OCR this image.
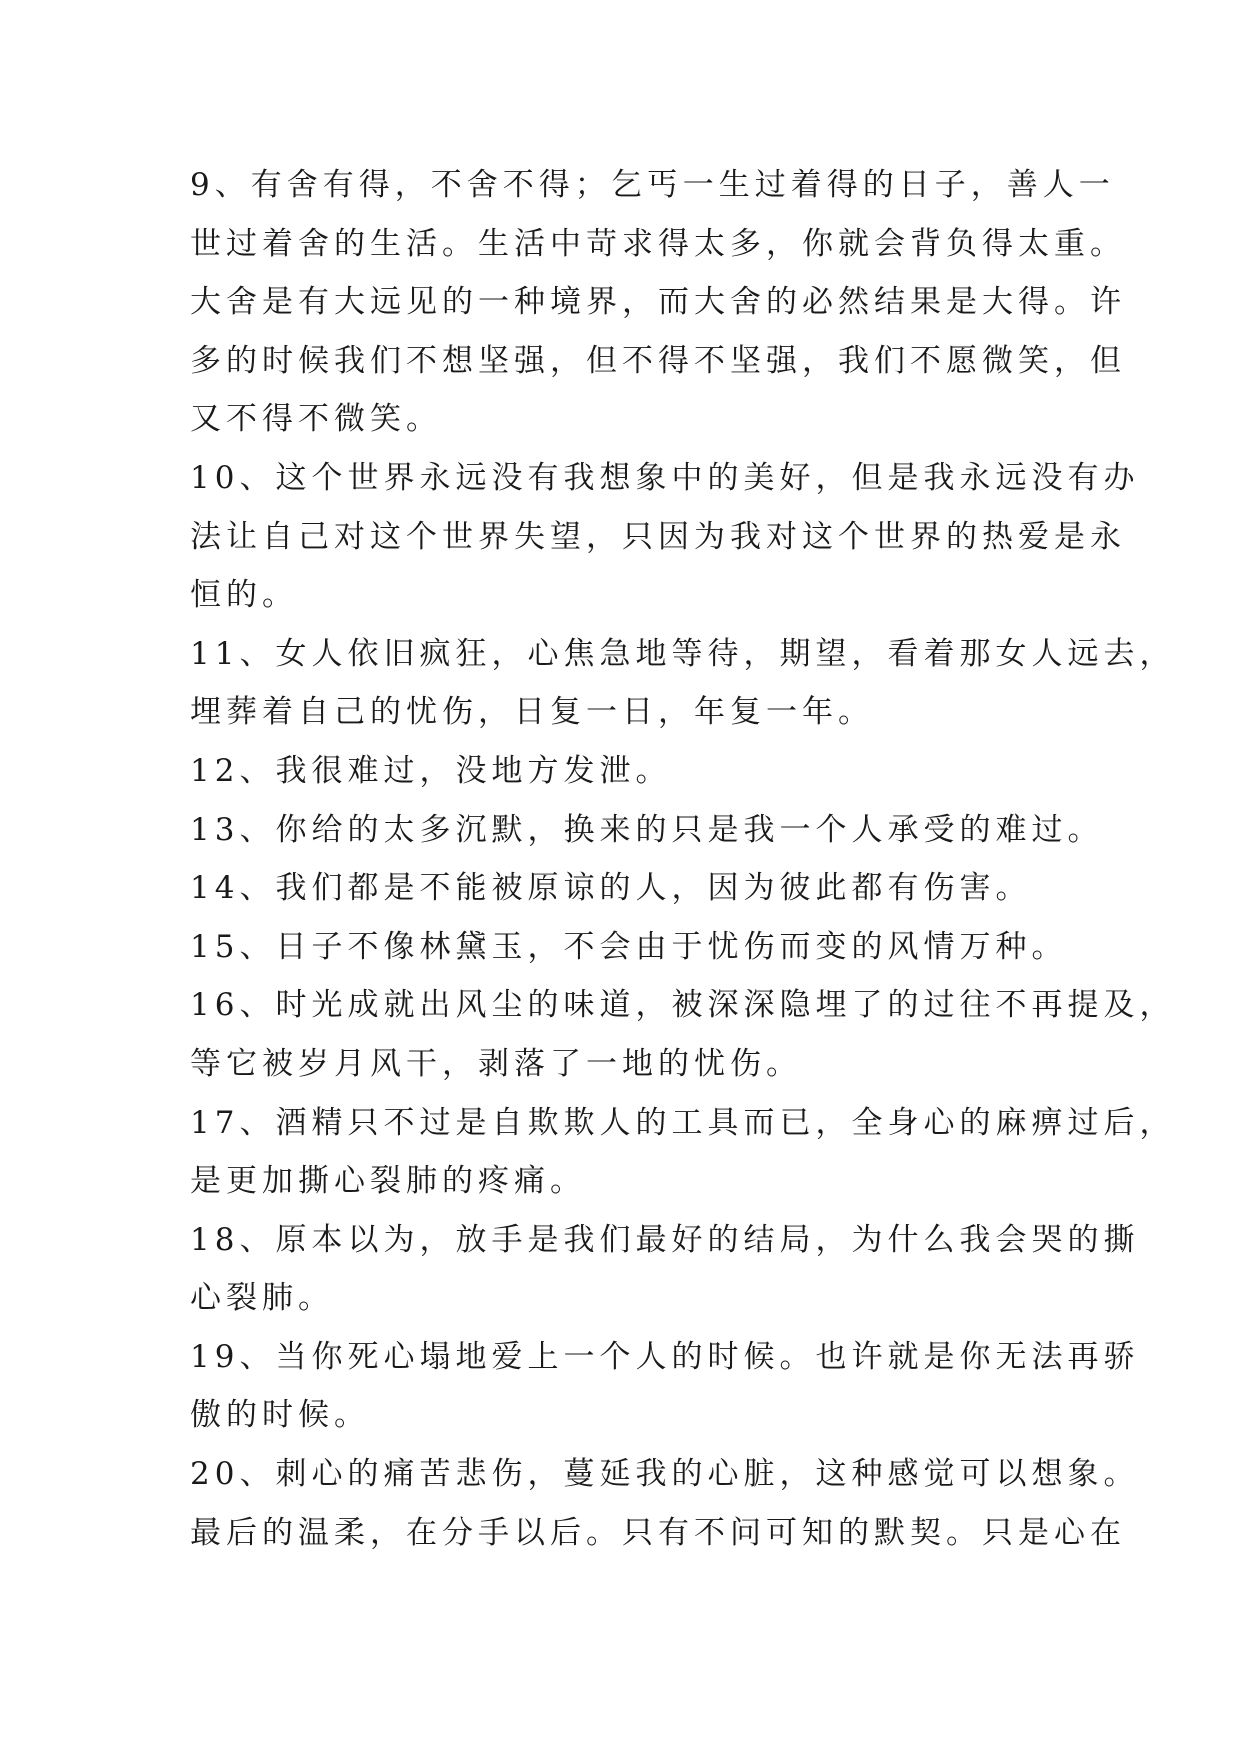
9、有舍有得，不舍不得；乞丐一生过着得的日子，善人一
世过着舍的生活。生活中苛求得太多，你就会背负得太重。
大舍是有大远见的一种境界，而大舍的必然结果是大得。许
多的时候我们不想坚强，但不得不坚强，我们不愿微笑，但
又不得不微笑。
10、这个世界永远没有我想象中的美好，但是我永远没有办
法让自己对这个世界失望，只因为我对这个世界的热爱是永
恒的。
11、女人依旧疯狂，心焦急地等待，期望，看着那女人远去，
埋葬着自己的忧伤，日复一日，年复一年。
12、我很难过，没地方发泄。
13、你给的太多沉默，换来的只是我一个人承受的难过。
14、我们都是不能被原谅的人，因为彼此都有伤害。
15、日子不像林黛玉，不会由于忧伤而变的风情万种。
16、时光成就出风尘的味道，被深深隐埋了的过往不再提及，
等它被岁月风干，剥落了一地的忧伤。
17、酒精只不过是自欺欺人的工具而已，全身心的麻痹过后，
是更加撕心裂肺的疼痛。
18、原本以为，放手是我们最好的结局，为什么我会哭的撕
心裂肺。
19、当你死心塌地爱上一个人的时候。也许就是你无法再骄
傲的时候。
20、刺心的痛苦悲伤，蔓延我的心脏，这种感觉可以想象。
最后的温柔，在分手以后。只有不问可知的默契。只是心在
